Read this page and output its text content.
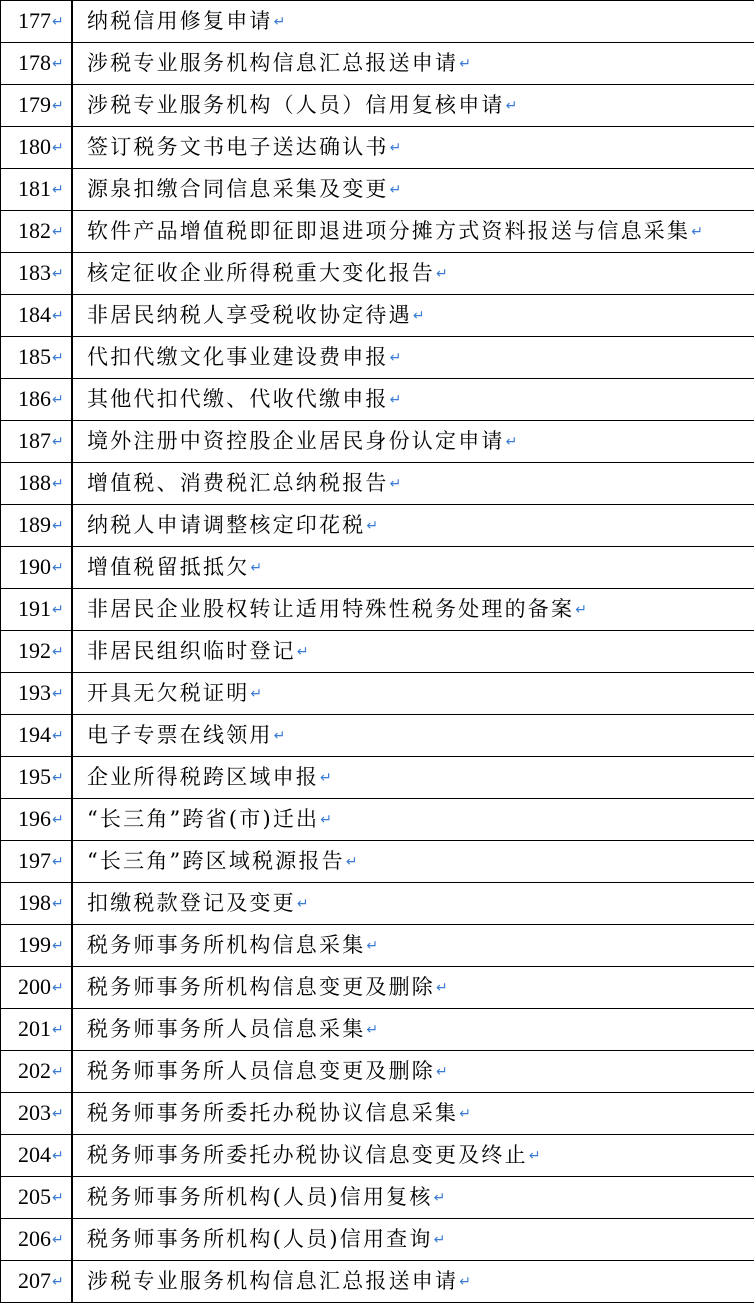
177↵	纳税信用修复申请↵
178↵	涉税专业服务机构信息汇总报送申请↵
179↵	涉税专业服务机构（人员）信用复核申请↵
180↵	签订税务文书电子送达确认书↵
181↵	源泉扣缴合同信息采集及变更↵
182↵	软件产品增值税即征即退进项分摊方式资料报送与信息采集↵
183↵	核定征收企业所得税重大变化报告↵
184↵	非居民纳税人享受税收协定待遇↵
185↵	代扣代缴文化事业建设费申报↵
186↵	其他代扣代缴、代收代缴申报↵
187↵	境外注册中资控股企业居民身份认定申请↵
188↵	增值税、消费税汇总纳税报告↵
189↵	纳税人申请调整核定印花税↵
190↵	增值税留抵抵欠↵
191↵	非居民企业股权转让适用特殊性税务处理的备案↵
192↵	非居民组织临时登记↵
193↵	开具无欠税证明↵
194↵	电子专票在线领用↵
195↵	企业所得税跨区域申报↵
196↵	“长三角”跨省(市)迁出↵
197↵	“长三角”跨区域税源报告↵
198↵	扣缴税款登记及变更↵
199↵	税务师事务所机构信息采集↵
200↵	税务师事务所机构信息变更及删除↵
201↵	税务师事务所人员信息采集↵
202↵	税务师事务所人员信息变更及删除↵
203↵	税务师事务所委托办税协议信息采集↵
204↵	税务师事务所委托办税协议信息变更及终止↵
205↵	税务师事务所机构(人员)信用复核↵
206↵	税务师事务所机构(人员)信用查询↵
207↵	涉税专业服务机构信息汇总报送申请↵
